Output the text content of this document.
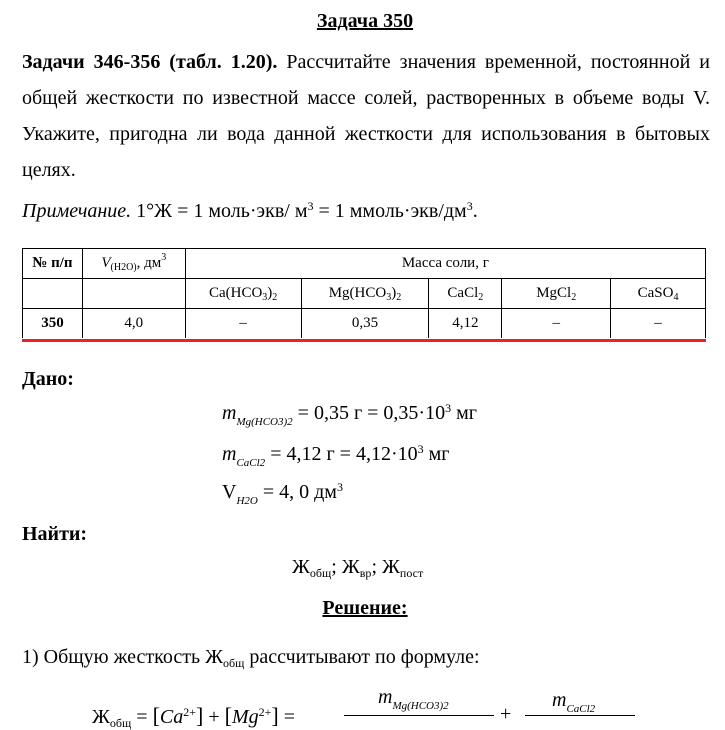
Задача 350
Задачи 346-356 (табл. 1.20). Рассчитайте значения временной, постоянной и общей жесткости по известной массе солей, растворенных в объеме воды V. Укажите, пригодна ли вода данной жесткости для использования в бытовых целях.
Примечание. 1°Ж = 1 моль·экв/ $м^3 = 1$ $ммоль\cdot экв/дм^3$.
№ п/п	$V_{(H2O)}$, $дм^3$	Масса соли, г				
		$Ca(HCO_3)_2$	$Mg(HCO_3)_2$	CaCl$_2$	MgCl$_2$	CaSO$_4$
350	4,0	–	0,35	4,12	–	–
Дано:
$m_{Mg(HCO3)2} = 0,35$ $г = 0,35\cdot 10^3$ мг
$m_{CaCl2} = 4,12$ $г = 4,12\cdot 10^3$ мг
$V_{H2O} = 4$, 0 $дм^3$
Найти:
$Ж_{общ}$; $Ж_{вр}$; $Ж_{пост}$
Решение:
1) Общую жесткость $Ж_{общ}$ рассчитывают по формуле:
$Ж_{общ} = [Ca^{2+}] + [Mg^{2+}]$ =
$m_{Mg(HCO3)2}$	+
$m_{CaCl2}$
